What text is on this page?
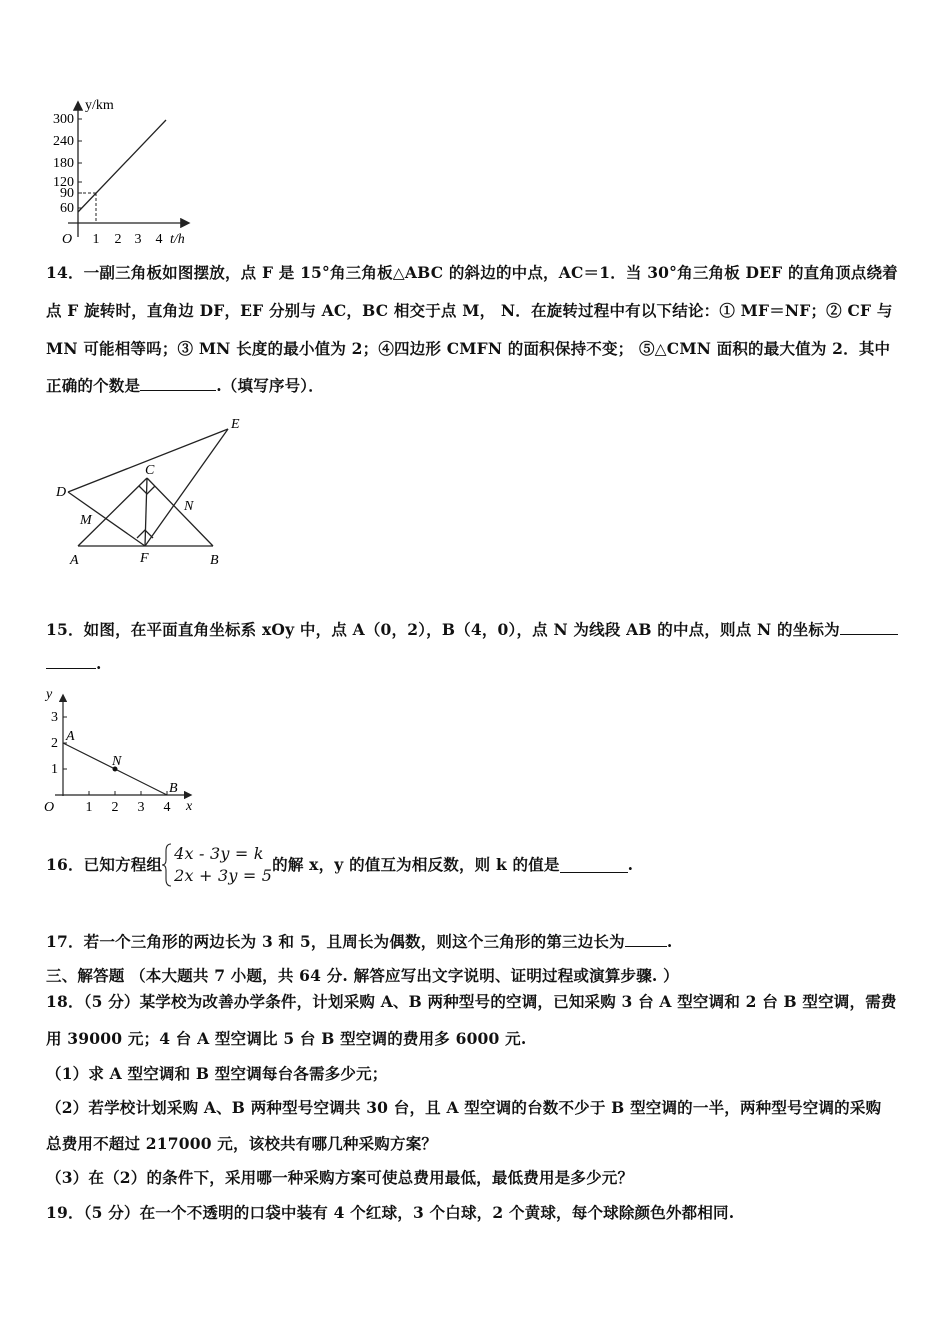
y/km
300
240
180
120
90
60
O 1 2 3 4 t/h
14．一副三角板如图摆放，点 F 是 15°角三角板△ABC 的斜边的中点，AC＝1．当 30°角三角板 DEF 的直角顶点绕着
点 F 旋转时，直角边 DF，EF 分别与 AC，BC 相交于点 M， N．在旋转过程中有以下结论：① MF＝NF；② CF 与
MN 可能相等吗；③ MN 长度的最小值为 2；④四边形 CMFN 的面积保持不变； ⑤△CMN 面积的最大值为 2．其中
正确的个数是	.（填写序号）．
E
C
D
N
M
A	F	B
15．如图，在平面直角坐标系 xOy 中，点 A（0，2），B（4，0），点 N 为线段 AB 的中点，则点 N 的坐标为
.
y
3
2
1
O 1 2 3 4 x
A
N
B
16．已知方程组
4x - 3y = k
2x + 3y = 5
的解 x，y 的值互为相反数，则 k 的值是	.
17．若一个三角形的两边长为 3 和 5，且周长为偶数，则这个三角形的第三边长为	.
三、解答题 （本大题共 7 小题，共 64 分. 解答应写出文字说明、证明过程或演算步骤. ）
18．（5 分）某学校为改善办学条件，计划采购 A、B 两种型号的空调，已知采购 3 台 A 型空调和 2 台 B 型空调，需费
用 39000 元；4 台 A 型空调比 5 台 B 型空调的费用多 6000 元.
（1）求 A 型空调和 B 型空调每台各需多少元；
（2）若学校计划采购 A、B 两种型号空调共 30 台，且 A 型空调的台数不少于 B 型空调的一半，两种型号空调的采购
总费用不超过 217000 元，该校共有哪几种采购方案？
（3）在（2）的条件下，采用哪一种采购方案可使总费用最低，最低费用是多少元？
19．（5 分）在一个不透明的口袋中装有 4 个红球，3 个白球，2 个黄球，每个球除颜色外都相同.
